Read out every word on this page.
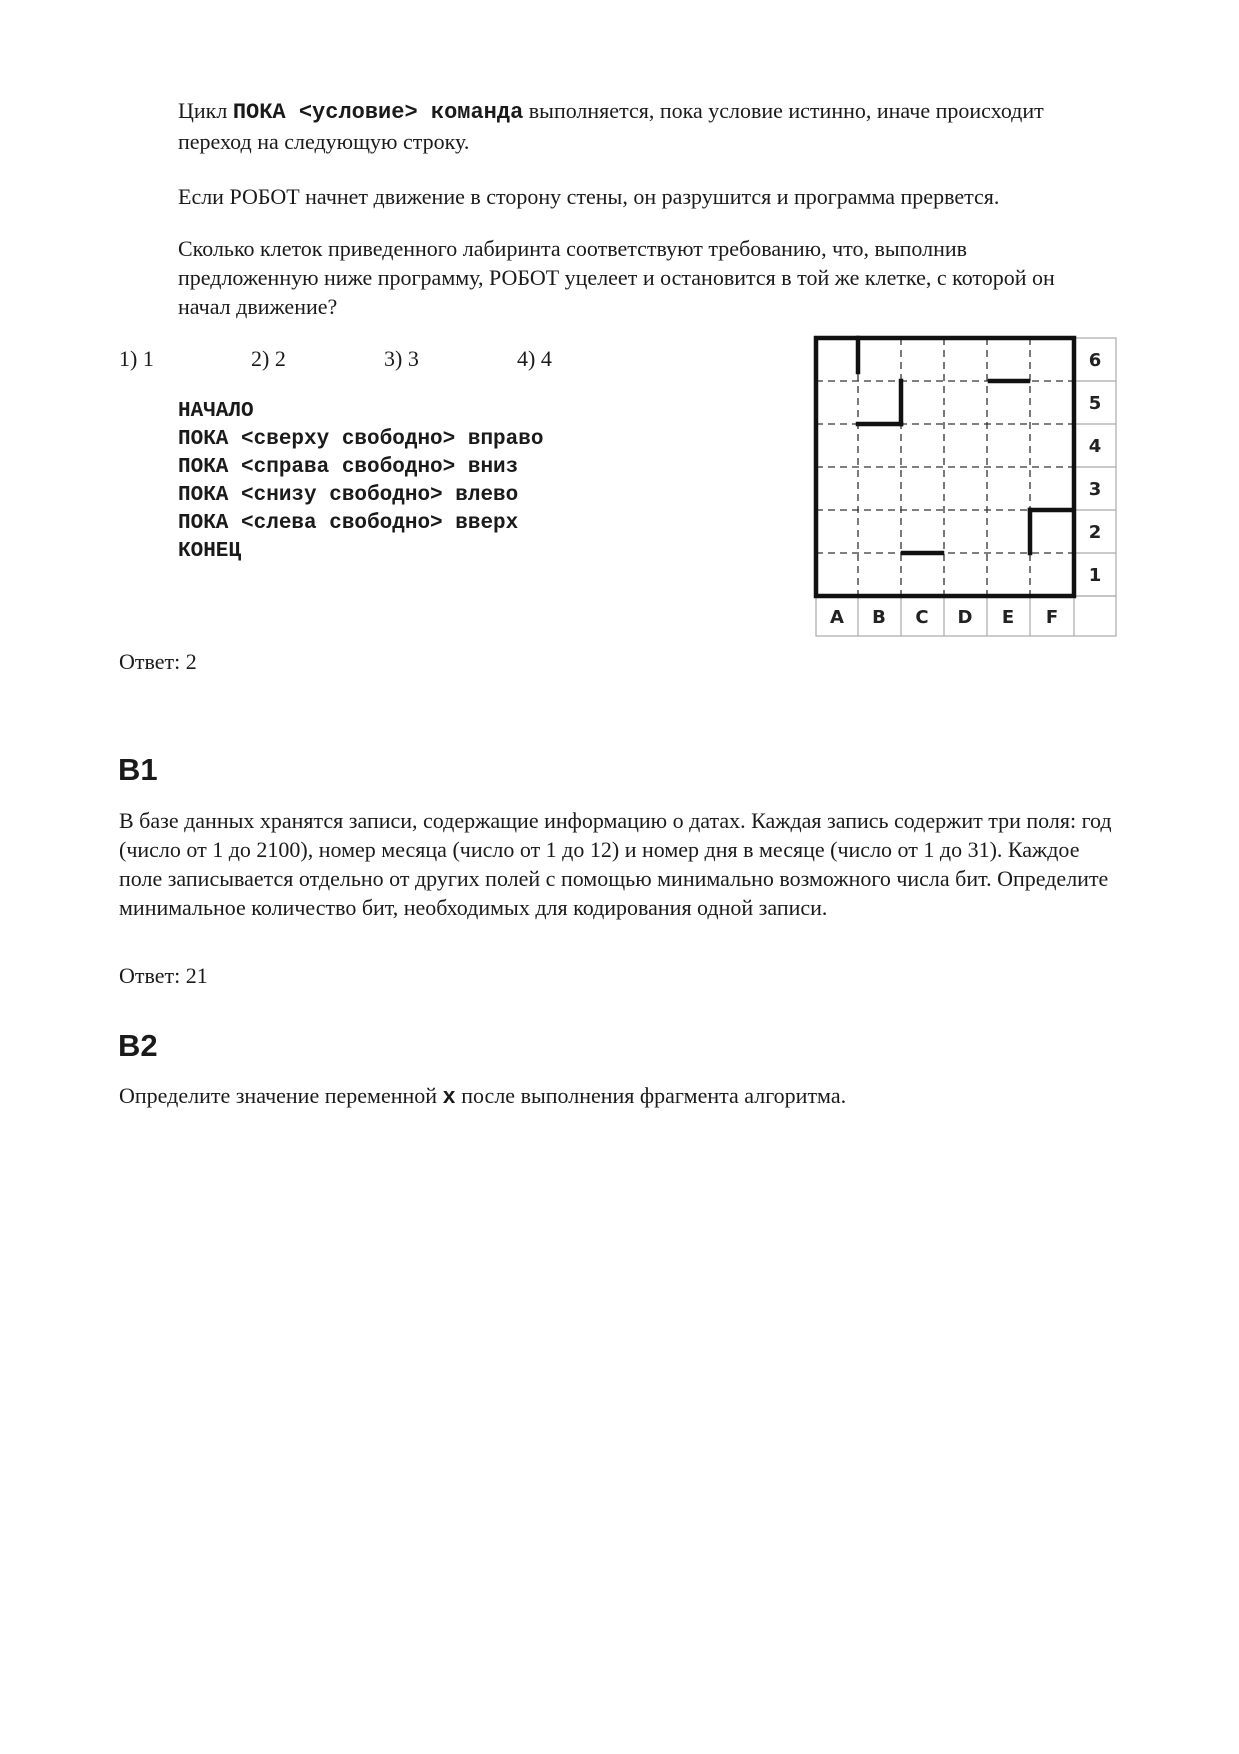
Цикл ПОКА <условие> команда выполняется, пока условие истинно, иначе происходит переход на следующую строку.

Если РОБОТ начнет движение в сторону стены, он разрушится и программа прервется.

Сколько клеток приведенного лабиринта соответствуют требованию, что, выполнив предложенную ниже программу, РОБОТ уцелеет и остановится в той же клетке, с которой он начал движение?

1) 1	2) 2	3) 3	4) 4
НАЧАЛО
ПОКА <сверху свободно> вправо
ПОКА <справа свободно> вниз
ПОКА <снизу свободно> влево
ПОКА <слева свободно> вверх
КОНЕЦ
6
5
4
3
2
1
A B C D E F

Ответ: 2

B1

В базе данных хранятся записи, содержащие информацию о датах. Каждая запись содержит три поля: год (число от 1 до 2100), номер месяца (число от 1 до 12) и номер дня в месяце (число от 1 до 31). Каждое поле записывается отдельно от других полей с помощью минимально возможного числа бит. Определите минимальное количество бит, необходимых для кодирования одной записи.

Ответ: 21

B2

Определите значение переменной x после выполнения фрагмента алгоритма.
